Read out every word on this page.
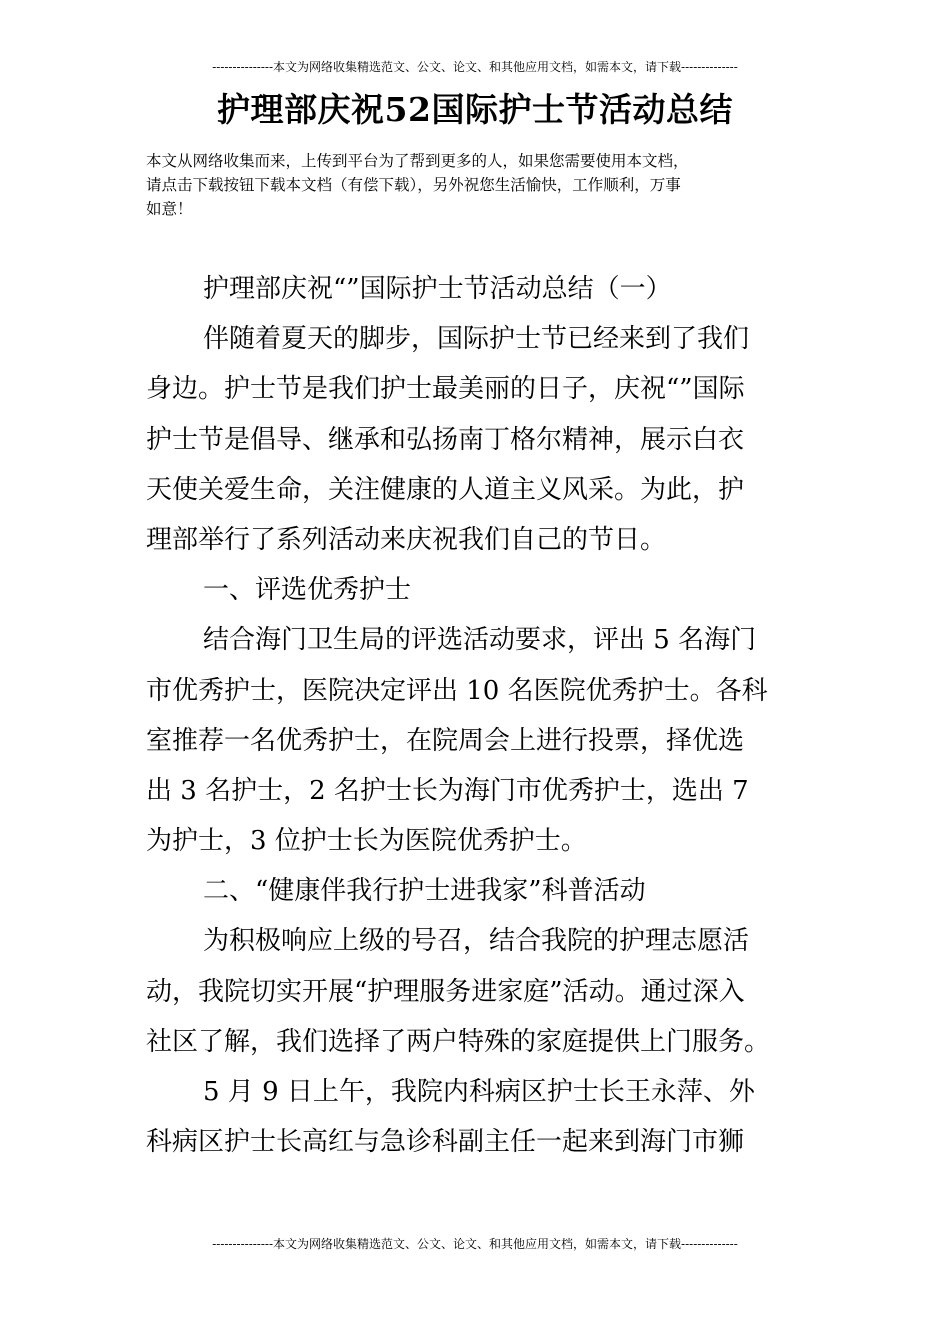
---------------本文为网络收集精选范文、公文、论文、和其他应用文档，如需本文，请下载--------------
护理部庆祝52国际护士节活动总结

本文从网络收集而来，上传到平台为了帮到更多的人，如果您需要使用本文档，

请点击下载按钮下载本文档（有偿下载），另外祝您生活愉快，工作顺利，万事

如意！

护理部庆祝“”国际护士节活动总结（一）
伴随着夏天的脚步，国际护士节已经来到了我们
身边。护士节是我们护士最美丽的日子，庆祝“”国际
护士节是倡导、继承和弘扬南丁格尔精神，展示白衣
天使关爱生命，关注健康的人道主义风采。为此，护
理部举行了系列活动来庆祝我们自己的节日。
一、评选优秀护士
结合海门卫生局的评选活动要求，评出 5 名海门
市优秀护士，医院决定评出 10 名医院优秀护士。各科
室推荐一名优秀护士，在院周会上进行投票，择优选
出 3 名护士，2 名护士长为海门市优秀护士，选出 7
为护士，3 位护士长为医院优秀护士。
二、“健康伴我行护士进我家”科普活动
为积极响应上级的号召，结合我院的护理志愿活
动，我院切实开展“护理服务进家庭”活动。通过深入
社区了解，我们选择了两户特殊的家庭提供上门服务。
5 月 9 日上午，我院内科病区护士长王永萍、外
科病区护士长高红与急诊科副主任一起来到海门市狮
---------------本文为网络收集精选范文、公文、论文、和其他应用文档，如需本文，请下载--------------
